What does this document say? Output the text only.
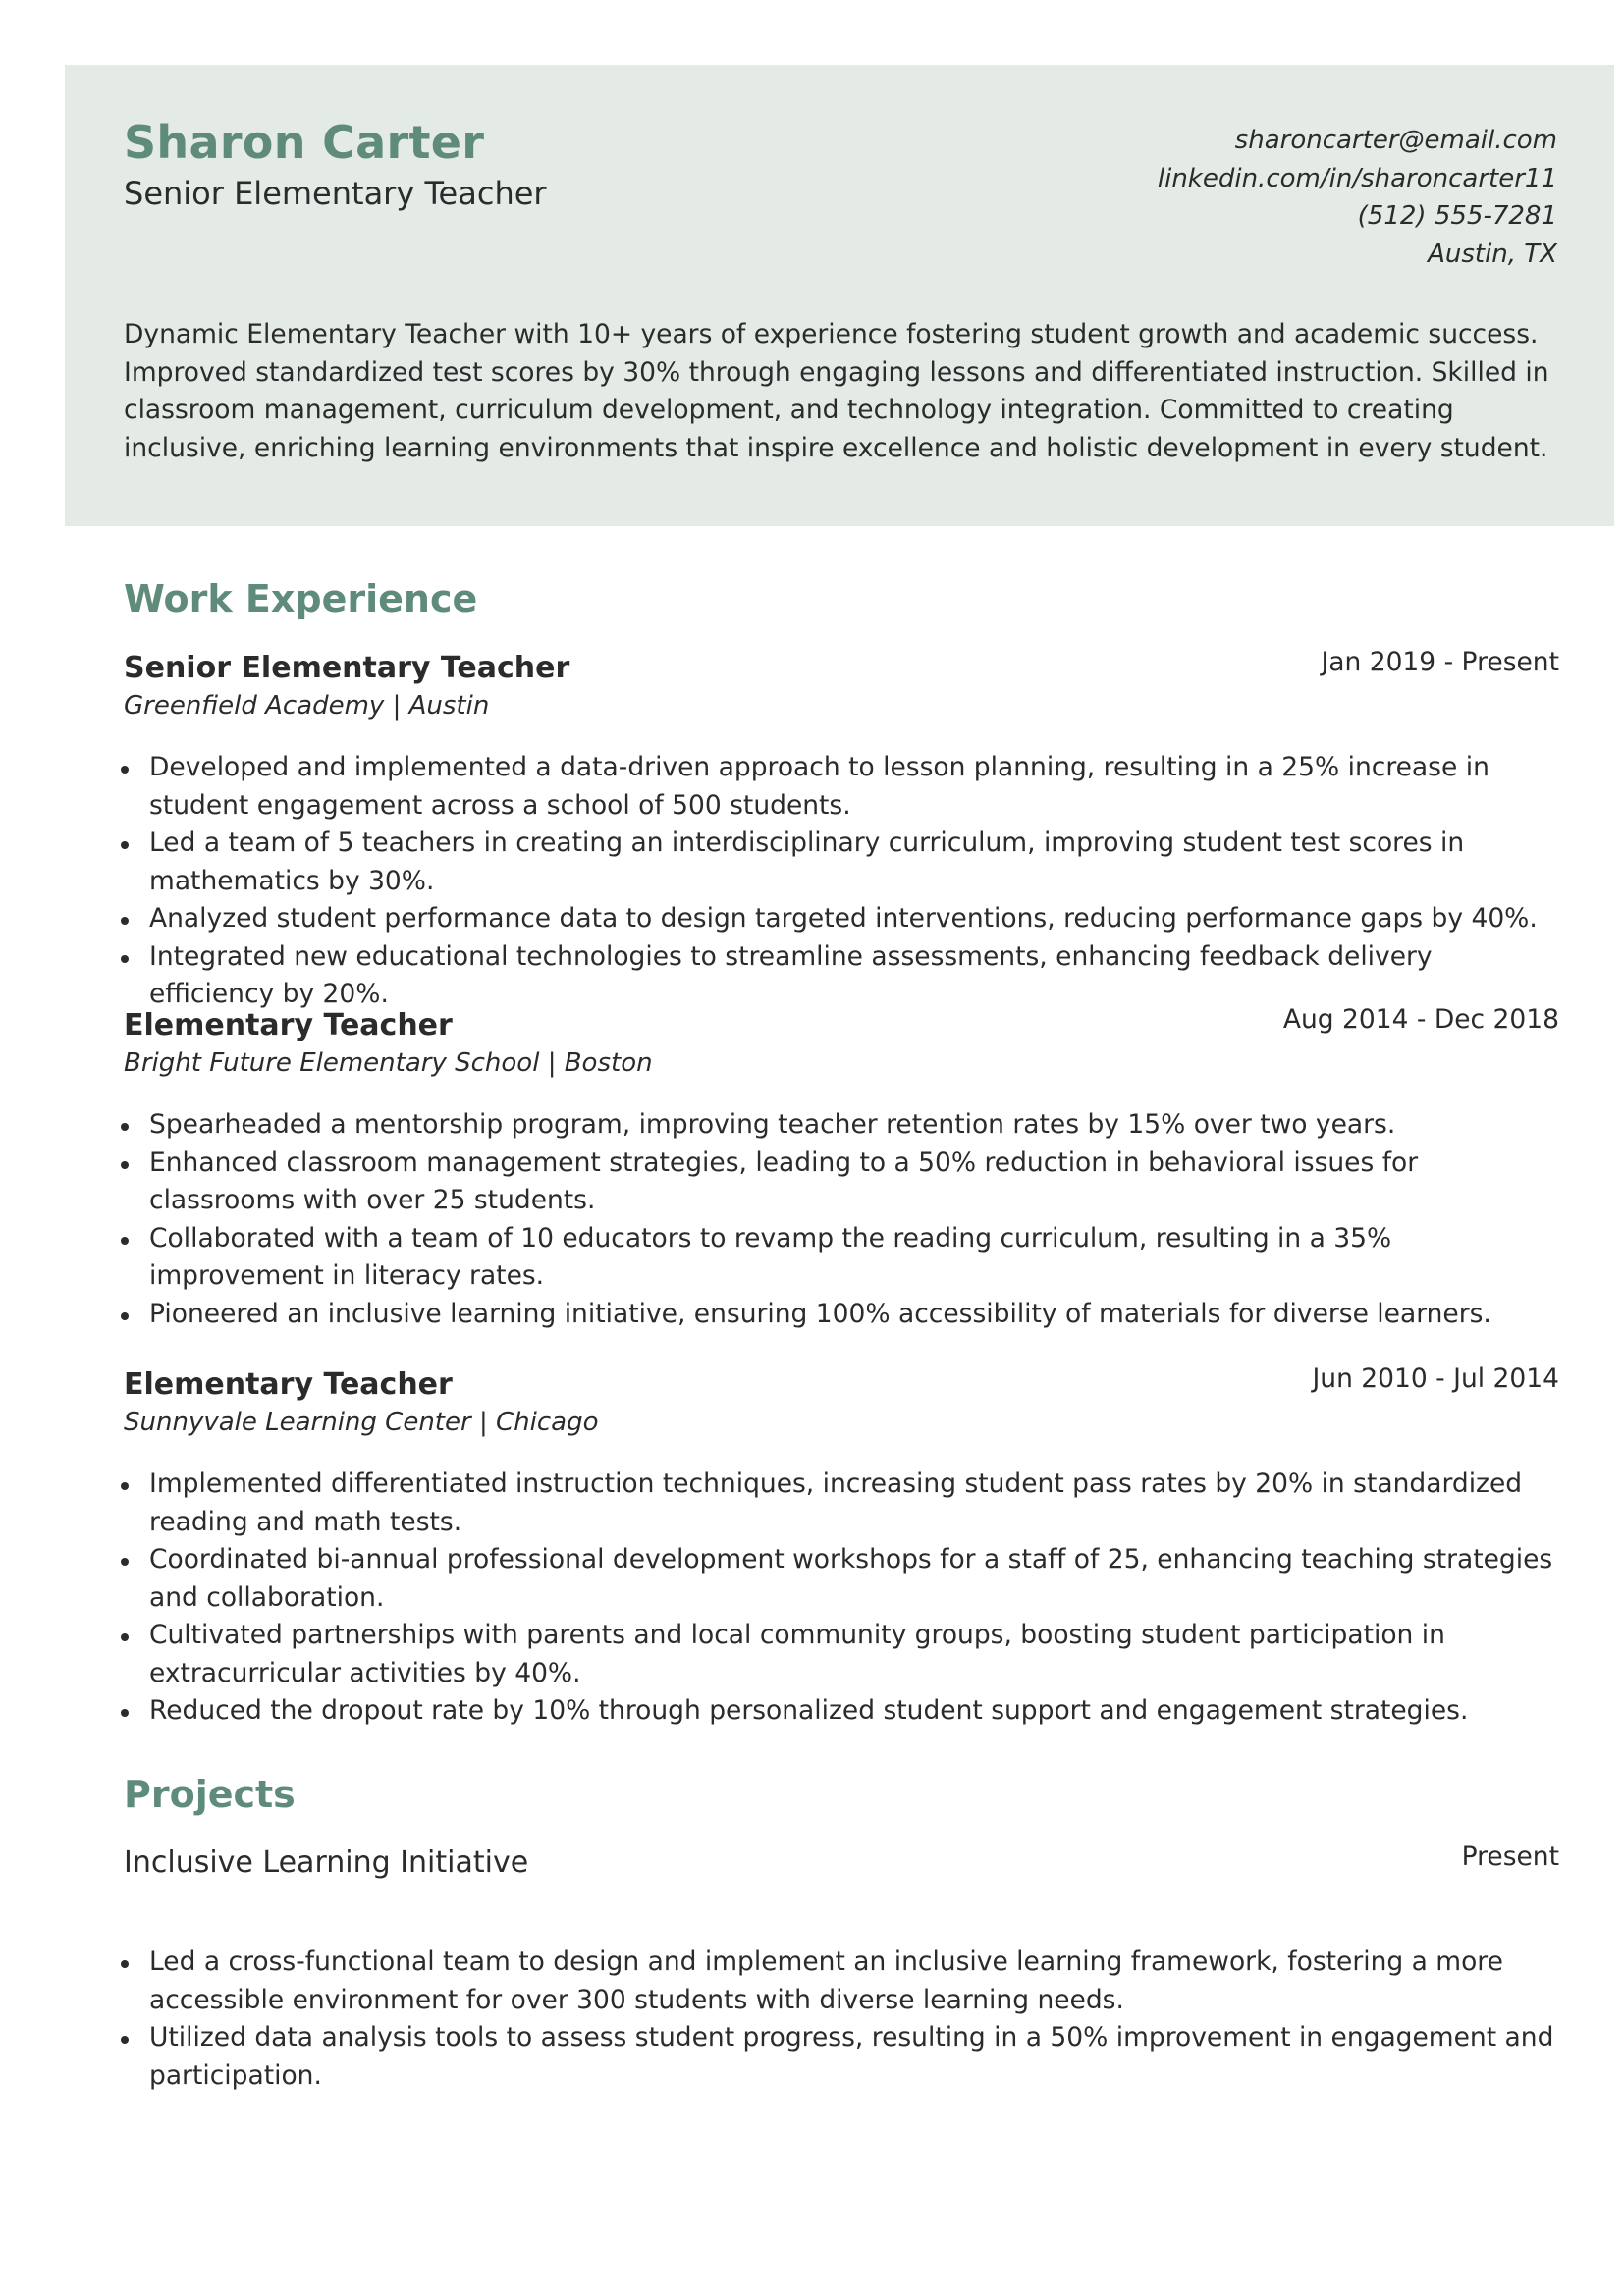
Sharon Carter
Senior Elementary Teacher
sharoncarter@email.com
linkedin.com/in/sharoncarter11
(512) 555-7281
Austin, TX
Dynamic Elementary Teacher with 10+ years of experience fostering student growth and academic success. Improved standardized test scores by 30% through engaging lessons and differentiated instruction. Skilled in classroom management, curriculum development, and technology integration. Committed to creating inclusive, enriching learning environments that inspire excellence and holistic development in every student.
Work Experience
Senior Elementary Teacher	Jan 2019 - Present
Greenfield Academy | Austin
Developed and implemented a data-driven approach to lesson planning, resulting in a 25% increase in student engagement across a school of 500 students.
Led a team of 5 teachers in creating an interdisciplinary curriculum, improving student test scores in mathematics by 30%.
Analyzed student performance data to design targeted interventions, reducing performance gaps by 40%.
Integrated new educational technologies to streamline assessments, enhancing feedback delivery efficiency by 20%.
Elementary Teacher	Aug 2014 - Dec 2018
Bright Future Elementary School | Boston
Spearheaded a mentorship program, improving teacher retention rates by 15% over two years.
Enhanced classroom management strategies, leading to a 50% reduction in behavioral issues for classrooms with over 25 students.
Collaborated with a team of 10 educators to revamp the reading curriculum, resulting in a 35% improvement in literacy rates.
Pioneered an inclusive learning initiative, ensuring 100% accessibility of materials for diverse learners.
Elementary Teacher	Jun 2010 - Jul 2014
Sunnyvale Learning Center | Chicago
Implemented differentiated instruction techniques, increasing student pass rates by 20% in standardized reading and math tests.
Coordinated bi-annual professional development workshops for a staff of 25, enhancing teaching strategies and collaboration.
Cultivated partnerships with parents and local community groups, boosting student participation in extracurricular activities by 40%.
Reduced the dropout rate by 10% through personalized student support and engagement strategies.
Projects
Inclusive Learning Initiative	Present
Led a cross-functional team to design and implement an inclusive learning framework, fostering a more accessible environment for over 300 students with diverse learning needs.
Utilized data analysis tools to assess student progress, resulting in a 50% improvement in engagement and participation.
